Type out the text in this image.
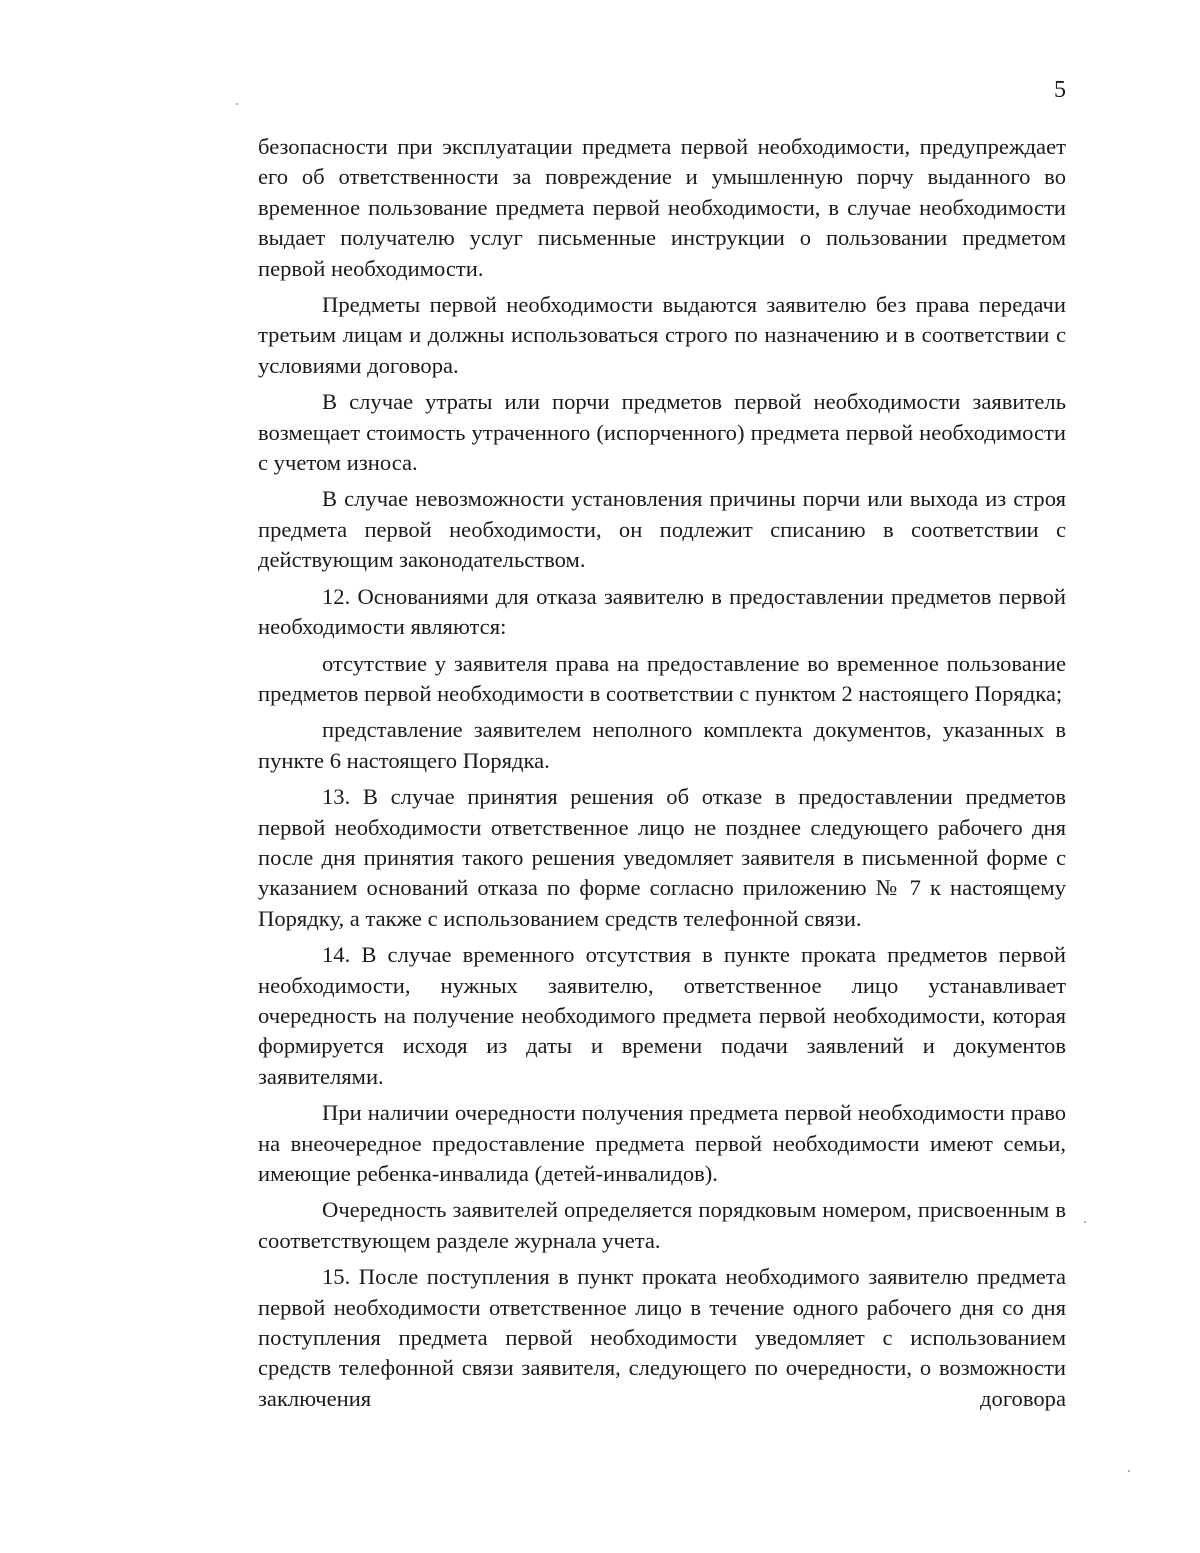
5

безопасности при эксплуатации предмета первой необходимости, предупреждает его об ответственности за повреждение и умышленную порчу выданного во временное пользование предмета первой необходимости, в случае необходимости выдает получателю услуг письменные инструкции о пользовании предметом первой необходимости.

Предметы первой необходимости выдаются заявителю без права передачи третьим лицам и должны использоваться строго по назначению и в соответствии с условиями договора.

В случае утраты или порчи предметов первой необходимости заявитель возмещает стоимость утраченного (испорченного) предмета первой необходимости с учетом износа.

В случае невозможности установления причины порчи или выхода из строя предмета первой необходимости, он подлежит списанию в соответствии с действующим законодательством.

12. Основаниями для отказа заявителю в предоставлении предметов первой необходимости являются:

отсутствие у заявителя права на предоставление во временное пользование предметов первой необходимости в соответствии с пунктом 2 настоящего Порядка;

представление заявителем неполного комплекта документов, указанных в пункте 6 настоящего Порядка.

13. В случае принятия решения об отказе в предоставлении предметов первой необходимости ответственное лицо не позднее следующего рабочего дня после дня принятия такого решения уведомляет заявителя в письменной форме с указанием оснований отказа по форме согласно приложению № 7 к настоящему Порядку, а также с использованием средств телефонной связи.

14. В случае временного отсутствия в пункте проката предметов первой необходимости, нужных заявителю, ответственное лицо устанавливает очередность на получение необходимого предмета первой необходимости, которая формируется исходя из даты и времени подачи заявлений и документов заявителями.

При наличии очередности получения предмета первой необходимости право на внеочередное предоставление предмета первой необходимости имеют семьи, имеющие ребенка-инвалида (детей-инвалидов).

Очередность заявителей определяется порядковым номером, присвоенным в соответствующем разделе журнала учета.

15. После поступления в пункт проката необходимого заявителю предмета первой необходимости ответственное лицо в течение одного рабочего дня со дня поступления предмета первой необходимости уведомляет с использованием средств телефонной связи заявителя, следующего по очередности, о возможности заключения договора
